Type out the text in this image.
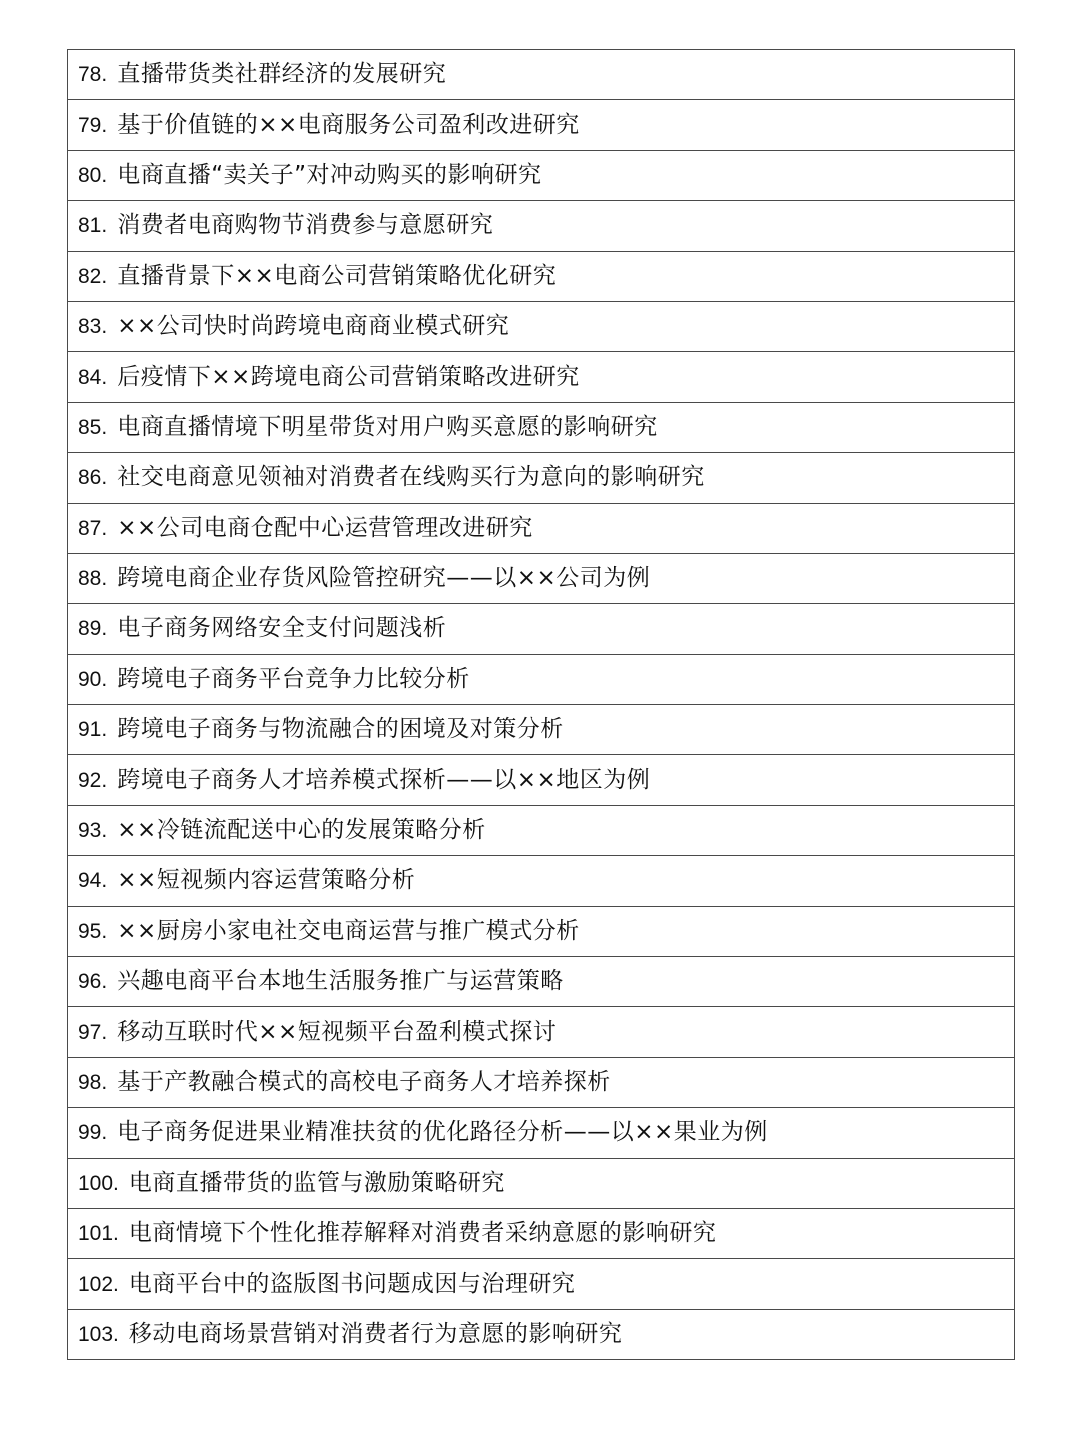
78. 直播带货类社群经济的发展研究
79. 基于价值链的××电商服务公司盈利改进研究
80. 电商直播“卖关子”对冲动购买的影响研究
81. 消费者电商购物节消费参与意愿研究
82. 直播背景下××电商公司营销策略优化研究
83. ××公司快时尚跨境电商商业模式研究
84. 后疫情下××跨境电商公司营销策略改进研究
85. 电商直播情境下明星带货对用户购买意愿的影响研究
86. 社交电商意见领袖对消费者在线购买行为意向的影响研究
87. ××公司电商仓配中心运营管理改进研究
88. 跨境电商企业存货风险管控研究——以××公司为例
89. 电子商务网络安全支付问题浅析
90. 跨境电子商务平台竞争力比较分析
91. 跨境电子商务与物流融合的困境及对策分析
92. 跨境电子商务人才培养模式探析——以××地区为例
93. ××冷链流配送中心的发展策略分析
94. ××短视频内容运营策略分析
95. ××厨房小家电社交电商运营与推广模式分析
96. 兴趣电商平台本地生活服务推广与运营策略
97. 移动互联时代××短视频平台盈利模式探讨
98. 基于产教融合模式的高校电子商务人才培养探析
99. 电子商务促进果业精准扶贫的优化路径分析——以××果业为例
100. 电商直播带货的监管与激励策略研究
101. 电商情境下个性化推荐解释对消费者采纳意愿的影响研究
102. 电商平台中的盗版图书问题成因与治理研究
103. 移动电商场景营销对消费者行为意愿的影响研究
